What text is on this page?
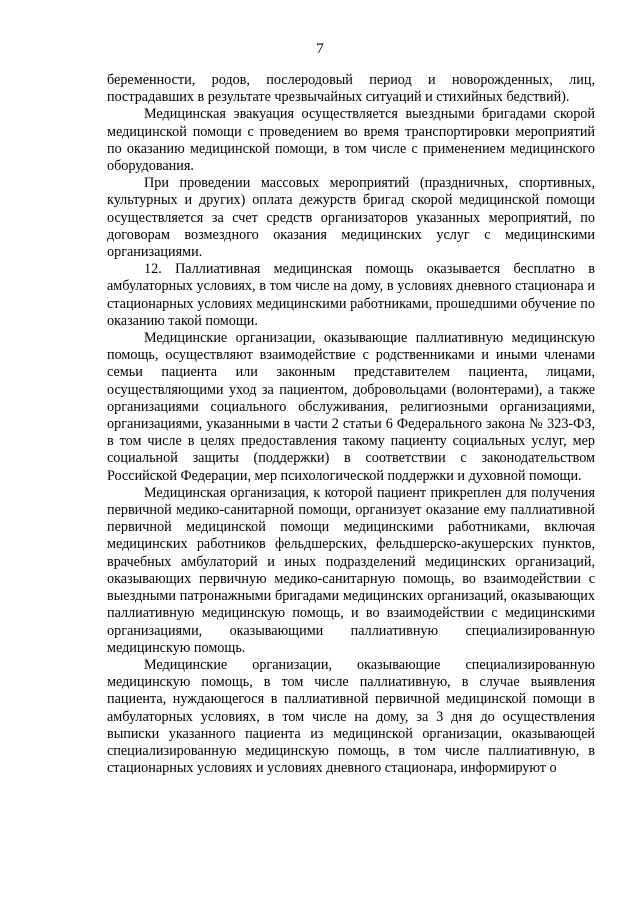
7

беременности, родов, послеродовый период и новорожденных, лиц, пострадавших в результате чрезвычайных ситуаций и стихийных бедствий).

Медицинская эвакуация осуществляется выездными бригадами скорой медицинской помощи с проведением во время транспортировки мероприятий по оказанию медицинской помощи, в том числе с применением медицинского оборудования.

При проведении массовых мероприятий (праздничных, спортивных, культурных и других) оплата дежурств бригад скорой медицинской помощи осуществляется за счет средств организаторов указанных мероприятий, по договорам возмездного оказания медицинских услуг с медицинскими организациями.

12. Паллиативная медицинская помощь оказывается бесплатно в амбулаторных условиях, в том числе на дому, в условиях дневного стационара и стационарных условиях медицинскими работниками, прошедшими обучение по оказанию такой помощи.

Медицинские организации, оказывающие паллиативную медицинскую помощь, осуществляют взаимодействие с родственниками и иными членами семьи пациента или законным представителем пациента, лицами, осуществляющими уход за пациентом, добровольцами (волонтерами), а также организациями социального обслуживания, религиозными организациями, организациями, указанными в части 2 статьи 6 Федерального закона № 323-ФЗ, в том числе в целях предоставления такому пациенту социальных услуг, мер социальной защиты (поддержки) в соответствии с законодательством Российской Федерации, мер психологической поддержки и духовной помощи.

Медицинская организация, к которой пациент прикреплен для получения первичной медико-санитарной помощи, организует оказание ему паллиативной первичной медицинской помощи медицинскими работниками, включая медицинских работников фельдшерских, фельдшерско-акушерских пунктов, врачебных амбулаторий и иных подразделений медицинских организаций, оказывающих первичную медико-санитарную помощь, во взаимодействии с выездными патронажными бригадами медицинских организаций, оказывающих паллиативную медицинскую помощь, и во взаимодействии с медицинскими организациями, оказывающими паллиативную специализированную медицинскую помощь.

Медицинские организации, оказывающие специализированную медицинскую помощь, в том числе паллиативную, в случае выявления пациента, нуждающегося в паллиативной первичной медицинской помощи в амбулаторных условиях, в том числе на дому, за 3 дня до осуществления выписки указанного пациента из медицинской организации, оказывающей специализированную медицинскую помощь, в том числе паллиативную, в стационарных условиях и условиях дневного стационара, информируют о
